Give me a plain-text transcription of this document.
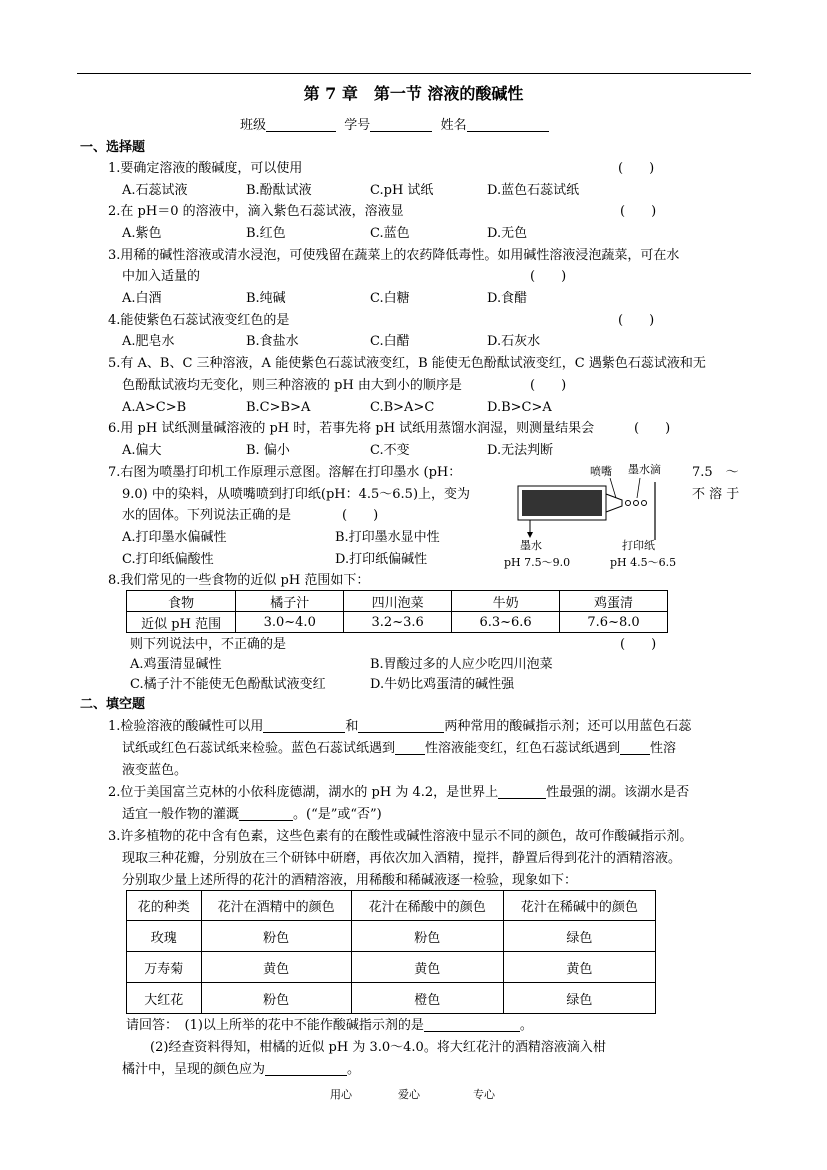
第 7 章　第一节 溶液的酸碱性
班级	学号	姓名
一、选择题
1.要确定溶液的酸碱度，可以使用	(　　)
A.石蕊试液	B.酚酞试液	C.pH 试纸	D.蓝色石蕊试纸
2.在 pH＝0 的溶液中，滴入紫色石蕊试液，溶液显	(　　)
A.紫色	B.红色	C.蓝色	D.无色
3.用稀的碱性溶液或清水浸泡，可使残留在蔬菜上的农药降低毒性。如用碱性溶液浸泡蔬菜，可在水
中加入适量的	(　　)
A.白酒	B.纯碱	C.白糖	D.食醋
4.能使紫色石蕊试液变红色的是	(　　)
A.肥皂水	B.食盐水	C.白醋	D.石灰水
5.有 A、B、C 三种溶液，A 能使紫色石蕊试液变红，B 能使无色酚酞试液变红，C 遇紫色石蕊试液和无
色酚酞试液均无变化，则三种溶液的 pH 由大到小的顺序是	(　　)
A.A>C>B	B.C>B>A	C.B>A>C	D.B>C>A
6.用 pH 试纸测量碱溶液的 pH 时，若事先将 pH 试纸用蒸馏水润湿，则测量结果会	(　　)
A.偏大	B. 偏小	C.不变	D.无法判断
7.右图为喷墨打印机工作原理示意图。溶解在打印墨水 (pH：	7.5　～
9.0) 中的染料，从喷嘴喷到打印纸(pH：4.5～6.5)上，变为	不 溶 于
水的固体。下列说法正确的是	(　　)
A.打印墨水偏碱性	B.打印墨水显中性
C.打印纸偏酸性	D.打印纸偏碱性
喷嘴 墨水滴
墨水
pH 7.5～9.0
打印纸
pH 4.5～6.5
8.我们常见的一些食物的近似 pH 范围如下：
食物	橘子汁	四川泡菜	牛奶	鸡蛋清
近似 pH 范围	3.0~4.0	3.2~3.6	6.3~6.6	7.6~8.0
则下列说法中，不正确的是	(　　)
A.鸡蛋清显碱性	B.胃酸过多的人应少吃四川泡菜
C.橘子汁不能使无色酚酞试液变红	D.牛奶比鸡蛋清的碱性强
二、填空题
1.检验溶液的酸碱性可以用	和	两种常用的酸碱指示剂；还可以用蓝色石蕊
试纸或红色石蕊试纸来检验。蓝色石蕊试纸遇到 性溶液能变红，红色石蕊试纸遇到 性溶
液变蓝色。
2.位于美国富兰克林的小依科庞德湖，湖水的 pH 为 4.2，是世界上	性最强的湖。该湖水是否
适宜一般作物的灌溉	。(“是”或“否”)
3.许多植物的花中含有色素，这些色素有的在酸性或碱性溶液中显示不同的颜色，故可作酸碱指示剂。
现取三种花瓣，分别放在三个研钵中研磨，再依次加入酒精，搅拌，静置后得到花汁的酒精溶液。
分别取少量上述所得的花汁的酒精溶液，用稀酸和稀碱液逐一检验，现象如下：
花的种类	花汁在酒精中的颜色	花汁在稀酸中的颜色	花汁在稀碱中的颜色
玫瑰	粉色	粉色	绿色
万寿菊	黄色	黄色	黄色
大红花	粉色	橙色	绿色
请回答：　(1)以上所举的花中不能作酸碱指示剂的是	。
(2)经查资料得知，柑橘的近似 pH 为 3.0～4.0。将大红花汁的酒精溶液滴入柑
橘汁中，呈现的颜色应为	。
用心	爱心	专心
